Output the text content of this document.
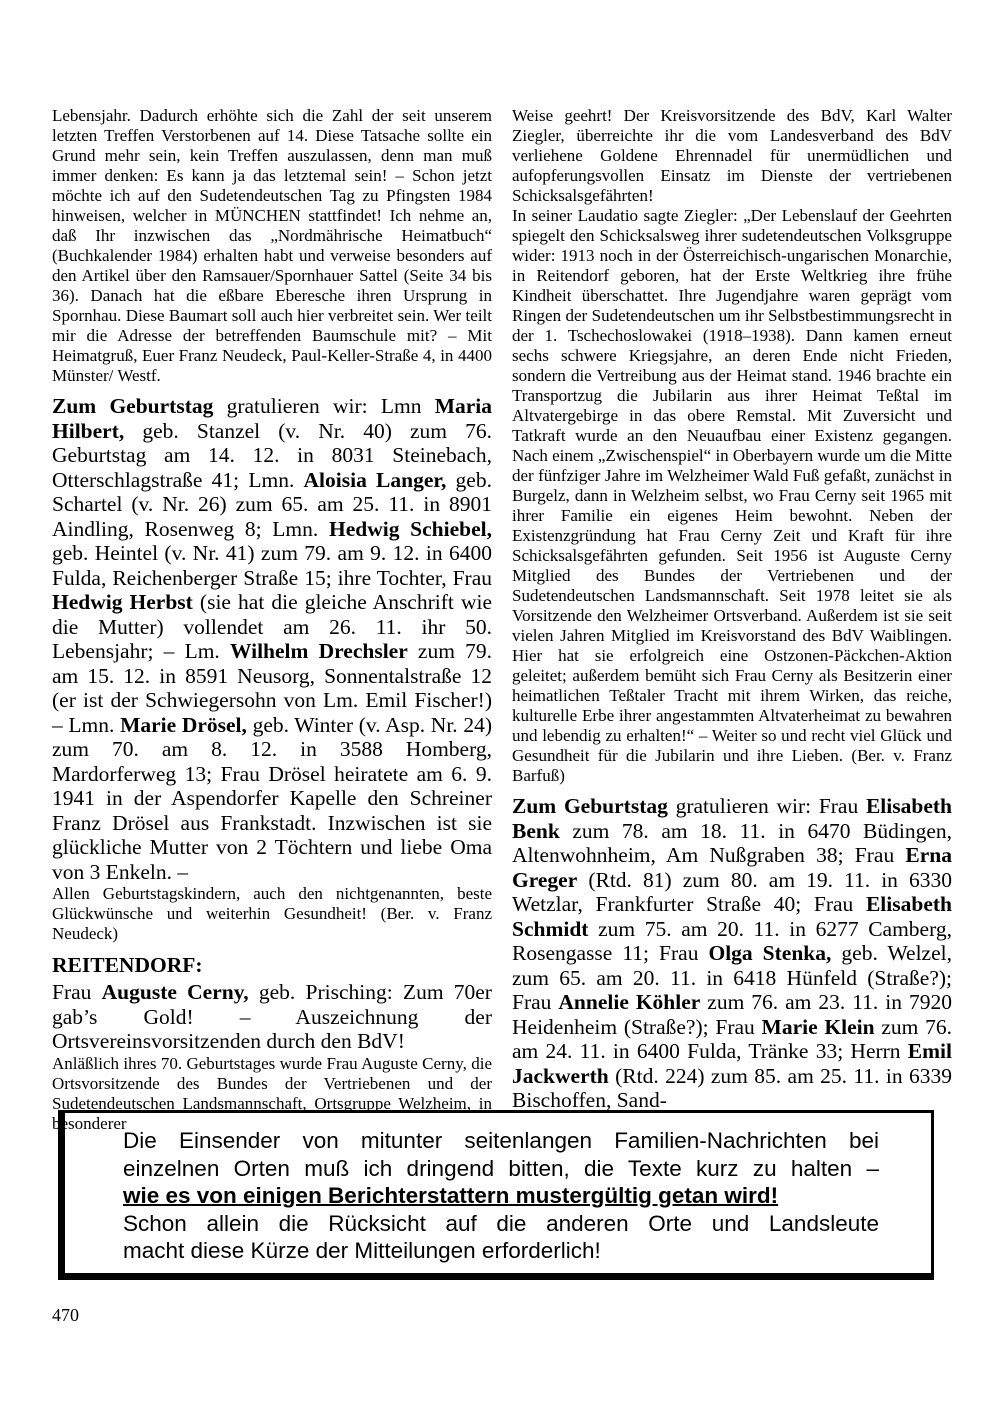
Lebensjahr. Dadurch erhöhte sich die Zahl der seit unserem letzten Treffen Verstorbenen auf 14. Diese Tatsache sollte ein Grund mehr sein, kein Treffen auszulassen, denn man muß immer denken: Es kann ja das letztemal sein! – Schon jetzt möchte ich auf den Sudetendeutschen Tag zu Pfingsten 1984 hinweisen, welcher in MÜNCHEN stattfindet! Ich nehme an, daß Ihr inzwischen das „Nordmährische Heimatbuch“ (Buchkalender 1984) erhalten habt und verweise besonders auf den Artikel über den Ramsauer/Spornhauer Sattel (Seite 34 bis 36). Danach hat die eßbare Eberesche ihren Ursprung in Spornhau. Diese Baumart soll auch hier verbreitet sein. Wer teilt mir die Adresse der betreffenden Baumschule mit? – Mit Heimatgruß, Euer Franz Neudeck, Paul-Keller-Straße 4, in 4400 Münster/ Westf.

Zum Geburtstag gratulieren wir: Lmn Maria Hilbert, geb. Stanzel (v. Nr. 40) zum 76. Geburtstag am 14. 12. in 8031 Steinebach, Otterschlagstraße 41; Lmn. Aloisia Langer, geb. Schartel (v. Nr. 26) zum 65. am 25. 11. in 8901 Aindling, Rosenweg 8; Lmn. Hedwig Schiebel, geb. Heintel (v. Nr. 41) zum 79. am 9. 12. in 6400 Fulda, Reichenberger Straße 15; ihre Tochter, Frau Hedwig Herbst (sie hat die gleiche Anschrift wie die Mutter) vollendet am 26. 11. ihr 50. Lebensjahr; – Lm. Wilhelm Drechsler zum 79. am 15. 12. in 8591 Neusorg, Sonnentalstraße 12 (er ist der Schwiegersohn von Lm. Emil Fischer!) – Lmn. Marie Drösel, geb. Winter (v. Asp. Nr. 24) zum 70. am 8. 12. in 3588 Homberg, Mardorferweg 13; Frau Drösel heiratete am 6. 9. 1941 in der Aspendorfer Kapelle den Schreiner Franz Drösel aus Frankstadt. Inzwischen ist sie glückliche Mutter von 2 Töchtern und liebe Oma von 3 Enkeln. –

Allen Geburtstagskindern, auch den nichtgenannten, beste Glückwünsche und weiterhin Gesundheit! (Ber. v. Franz Neudeck)

REITENDORF:

Frau Auguste Cerny, geb. Prisching: Zum 70er gab’s Gold! – Auszeichnung der Ortsvereinsvorsitzenden durch den BdV!

Anläßlich ihres 70. Geburtstages wurde Frau Auguste Cerny, die Ortsvorsitzende des Bundes der Vertriebenen und der Sudetendeutschen Landsmannschaft, Ortsgruppe Welzheim, in besonderer

Weise geehrt! Der Kreisvorsitzende des BdV, Karl Walter Ziegler, überreichte ihr die vom Landesverband des BdV verliehene Goldene Ehrennadel für unermüdlichen und aufopferungsvollen Einsatz im Dienste der vertriebenen Schicksalsgefährten!

In seiner Laudatio sagte Ziegler: „Der Lebenslauf der Geehrten spiegelt den Schicksalsweg ihrer sudetendeutschen Volksgruppe wider: 1913 noch in der Österreichisch-ungarischen Monarchie, in Reitendorf geboren, hat der Erste Weltkrieg ihre frühe Kindheit überschattet. Ihre Jugendjahre waren geprägt vom Ringen der Sudetendeutschen um ihr Selbstbestimmungsrecht in der 1. Tschechoslowakei (1918–1938). Dann kamen erneut sechs schwere Kriegsjahre, an deren Ende nicht Frieden, sondern die Vertreibung aus der Heimat stand. 1946 brachte ein Transportzug die Jubilarin aus ihrer Heimat Teßtal im Altvatergebirge in das obere Remstal. Mit Zuversicht und Tatkraft wurde an den Neuaufbau einer Existenz gegangen. Nach einem „Zwischenspiel“ in Oberbayern wurde um die Mitte der fünfziger Jahre im Welzheimer Wald Fuß gefaßt, zunächst in Burgelz, dann in Welzheim selbst, wo Frau Cerny seit 1965 mit ihrer Familie ein eigenes Heim bewohnt. Neben der Existenzgründung hat Frau Cerny Zeit und Kraft für ihre Schicksalsgefährten gefunden. Seit 1956 ist Auguste Cerny Mitglied des Bundes der Vertriebenen und der Sudetendeutschen Landsmannschaft. Seit 1978 leitet sie als Vorsitzende den Welzheimer Ortsverband. Außerdem ist sie seit vielen Jahren Mitglied im Kreisvorstand des BdV Waiblingen. Hier hat sie erfolgreich eine Ostzonen-Päckchen-Aktion geleitet; außerdem bemüht sich Frau Cerny als Besitzerin einer heimatlichen Teßtaler Tracht mit ihrem Wirken, das reiche, kulturelle Erbe ihrer angestammten Altvaterheimat zu bewahren und lebendig zu erhalten!“ – Weiter so und recht viel Glück und Gesundheit für die Jubilarin und ihre Lieben. (Ber. v. Franz Barfuß)

Zum Geburtstag gratulieren wir: Frau Elisabeth Benk zum 78. am 18. 11. in 6470 Büdingen, Altenwohnheim, Am Nußgraben 38; Frau Erna Greger (Rtd. 81) zum 80. am 19. 11. in 6330 Wetzlar, Frankfurter Straße 40; Frau Elisabeth Schmidt zum 75. am 20. 11. in 6277 Camberg, Rosengasse 11; Frau Olga Stenka, geb. Welzel, zum 65. am 20. 11. in 6418 Hünfeld (Straße?); Frau Annelie Köhler zum 76. am 23. 11. in 7920 Heidenheim (Straße?); Frau Marie Klein zum 76. am 24. 11. in 6400 Fulda, Tränke 33; Herrn Emil Jackwerth (Rtd. 224) zum 85. am 25. 11. in 6339 Bischoffen, Sand-

Die Einsender von mitunter seitenlangen Familien-Nachrichten bei
einzelnen Orten muß ich dringend bitten, die Texte kurz zu halten –
wie es von einigen Berichterstattern mustergültig getan wird!
Schon allein die Rücksicht auf die anderen Orte und Landsleute
macht diese Kürze der Mitteilungen erforderlich!
470
